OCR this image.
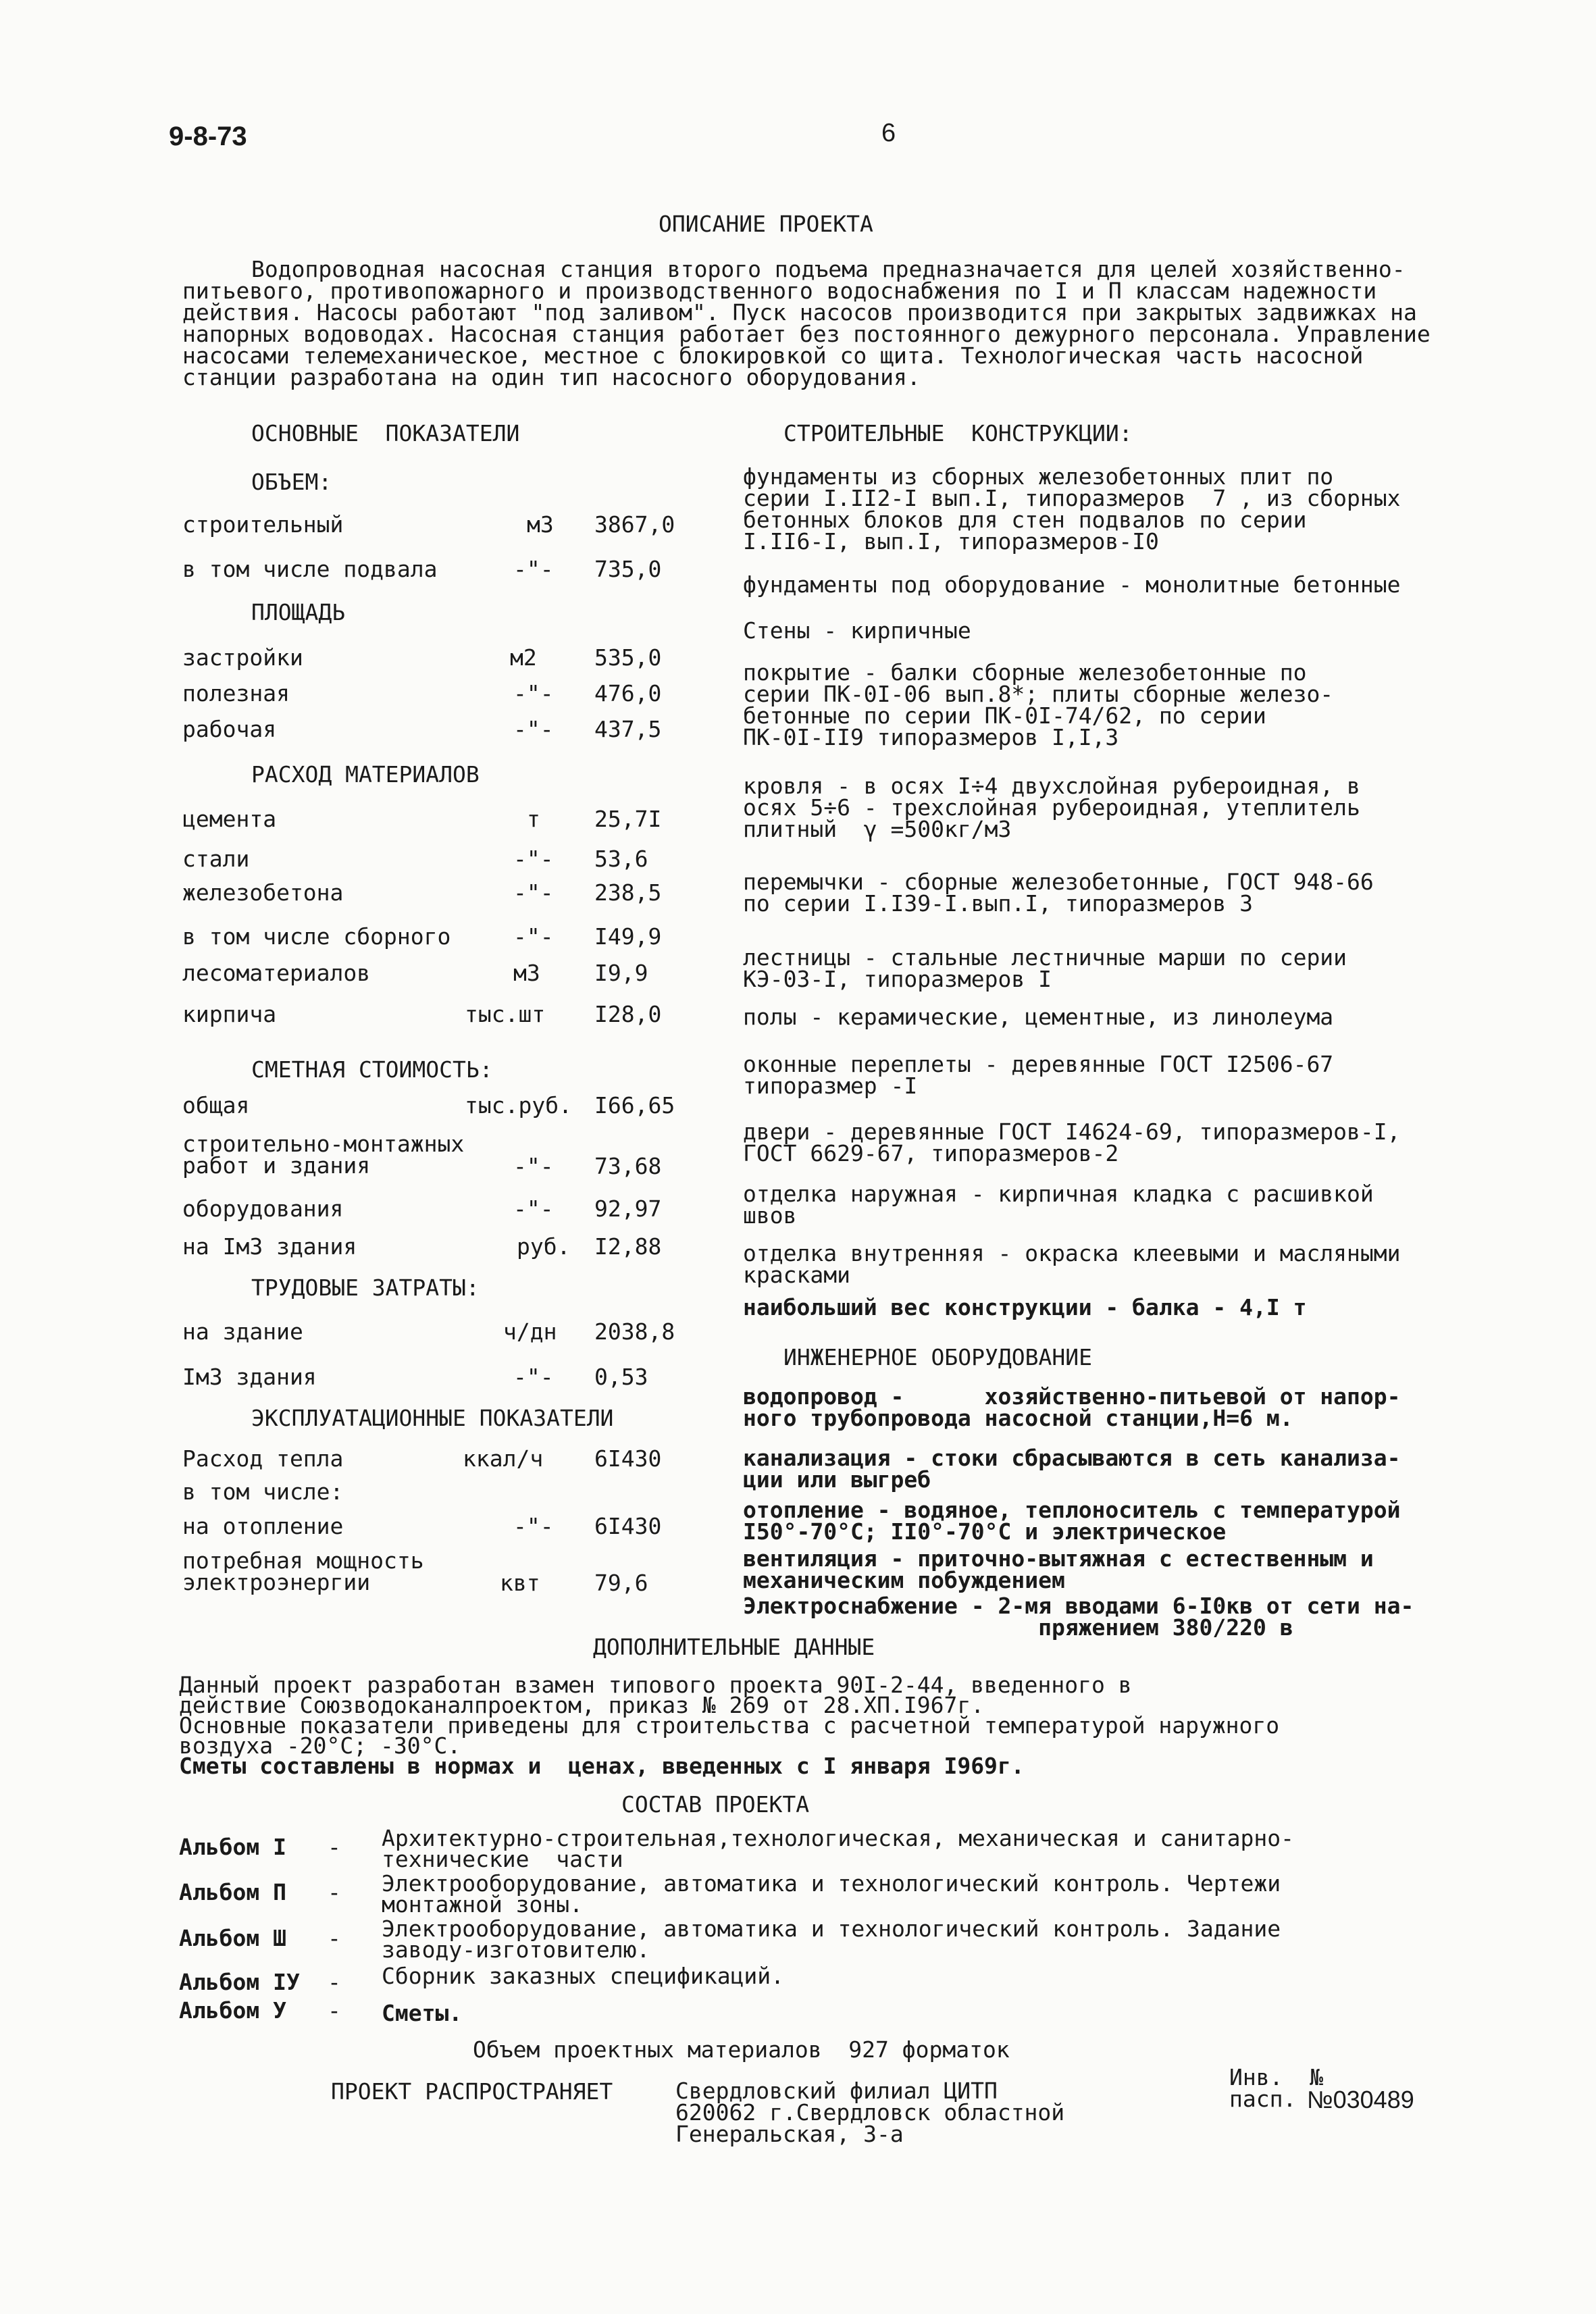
9-8-73	6
ОПИСАНИЕ ПРОЕКТА
Водопроводная насосная станция второго подъема предназначается для целей хозяйственно-
питьевого, противопожарного и производственного водоснабжения по I и П классам надежности
действия. Насосы работают "под заливом". Пуск насосов производится при закрытых задвижках на
напорных водоводах. Насосная станция работает без постоянного дежурного персонала. Управление
насосами телемеханическое, местное с блокировкой со щита. Технологическая часть насосной
станции разработана на один тип насосного оборудования.
ОСНОВНЫЕ  ПОКАЗАТЕЛИ
ОБЪЕМ:
строительный	м3 3867,0
в том числе подвала	-"- 735,0
ПЛОЩАДЬ
застройки	м2	535,0
полезная	-"- 476,0
рабочая	-"- 437,5
РАСХОД МАТЕРИАЛОВ
цемента	т 25,7I
стали	-"- 53,6
железобетона	-"- 238,5
в том числе сборного	-"- I49,9
лесоматериалов	м3 I9,9
кирпича	тыс.шт I28,0
СМЕТНАЯ СТОИМОСТЬ:
общая	тыс.руб. I66,65
строительно-монтажных
работ и здания	-"- 73,68
оборудования	-"- 92,97
на Iм3 здания	руб. I2,88
ТРУДОВЫЕ ЗАТРАТЫ:
на здание	ч/дн 2038,8
Iм3 здания	-"- 0,53
ЭКСПЛУАТАЦИОННЫЕ ПОКАЗАТЕЛИ
Расход тепла	ккал/ч 6I430
в том числе:
на отопление	-"- 6I430
потребная мощность
электроэнергии	квт 79,6
СТРОИТЕЛЬНЫЕ  КОНСТРУКЦИИ:
фундаменты из сборных железобетонных плит по
серии I.II2-I вып.I, типоразмеров  7 , из сборных
бетонных блоков для стен подвалов по серии
I.II6-I, вып.I, типоразмеров-I0
фундаменты под оборудование - монолитные бетонные
Стены - кирпичные
покрытие - балки сборные железобетонные по
серии ПК-0I-06 вып.8*; плиты сборные железо-
бетонные по серии ПК-0I-74/62, по серии
ПК-0I-II9 типоразмеров I,I,3
кровля - в осях I÷4 двухслойная рубероидная, в
осях 5÷6 - трехслойная рубероидная, утеплитель
плитный  γ =500кг/м3
перемычки - сборные железобетонные, ГОСТ 948-66
по серии I.I39-I.вып.I, типоразмеров 3
лестницы - стальные лестничные марши по серии
КЭ-03-I, типоразмеров I
полы - керамические, цементные, из линолеума
оконные переплеты - деревянные ГОСТ I2506-67
типоразмер -I
двери - деревянные ГОСТ I4624-69, типоразмеров-I,
ГОСТ 6629-67, типоразмеров-2
отделка наружная - кирпичная кладка с расшивкой
швов
отделка внутренняя - окраска клеевыми и масляными
красками
наибольший вес конструкции - балка - 4,I т
ИНЖЕНЕРНОЕ ОБОРУДОВАНИЕ
водопровод -      хозяйственно-питьевой от напор-
ного трубопровода насосной станции,Н=6 м.
канализация - стоки сбрасываются в сеть канализа-
ции или выгреб
отопление - водяное, теплоноситель с температурой
I50°-70°С; II0°-70°С и электрическое
вентиляция - приточно-вытяжная с естественным и
механическим побуждением
Электроснабжение - 2-мя вводами 6-I0кв от сети на-
пряжением 380/220 в
ДОПОЛНИТЕЛЬНЫЕ ДАННЫЕ
Данный проект разработан взамен типового проекта 90I-2-44, введенного в
действие Союзводоканалпроектом, приказ № 269 от 28.XП.I967г.
Основные показатели приведены для строительства с расчетной температурой наружного
воздуха -20°С; -30°С.
Сметы составлены в нормах и  ценах, введенных с I января I969г.
СОСТАВ ПРОЕКТА
Альбом I - Архитектурно-строительная,технологическая, механическая и санитарно-
технические  части
Альбом П - Электрооборудование, автоматика и технологический контроль. Чертежи
монтажной зоны.
Альбом Ш - Электрооборудование, автоматика и технологический контроль. Задание
заводу-изготовителю.
Альбом IУ - Сборник заказных спецификаций.
Альбом У - Сметы.
Объем проектных материалов  927 форматок
ПРОЕКТ РАСПРОСТРАНЯЕТ	Свердловский филиал ЦИТП
620062 г.Свердловск областной
Генеральская, 3-а
Инв.  №
пасп. №030489
